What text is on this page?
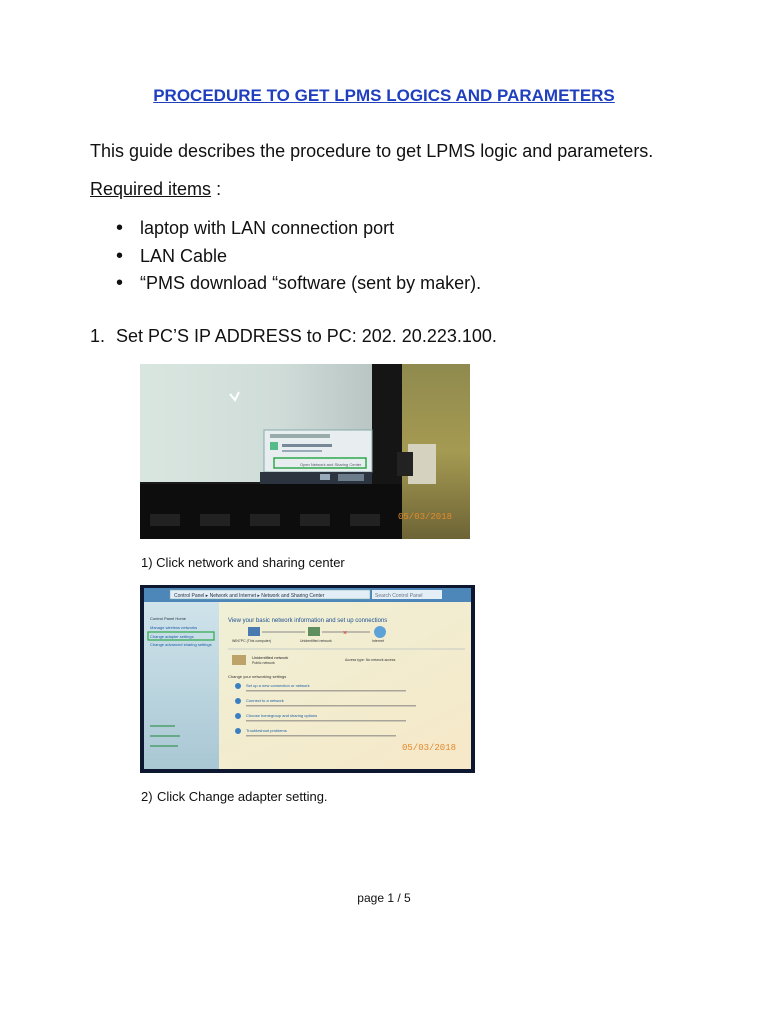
PROCEDURE TO GET LPMS LOGICS AND PARAMETERS
This guide describes the procedure to get LPMS logic and parameters.
Required items :
• laptop with LAN connection port
• LAN Cable
• “PMS download “software (sent by maker).
1. Set PC’S IP ADDRESS to PC: 202. 20.223.100.
Open Network and Sharing Center
05/03/2018
1) Click network and sharing center
Control Panel ▸ Network and Internet ▸ Network and Sharing Center	Search Control Panel
Control Panel Home
Manage wireless networks
Change adapter settings
Change advanced sharing settings
View your basic network information and set up connections
×
WIN7PC (This computer)	Unidentified network	Internet
Unidentified network
Public network
Access type: No network access
Change your networking settings
Set up a new connection or network
Connect to a network
Choose homegroup and sharing options
Troubleshoot problems
05/03/2018
2) Click Change adapter setting.
page 1 / 5
